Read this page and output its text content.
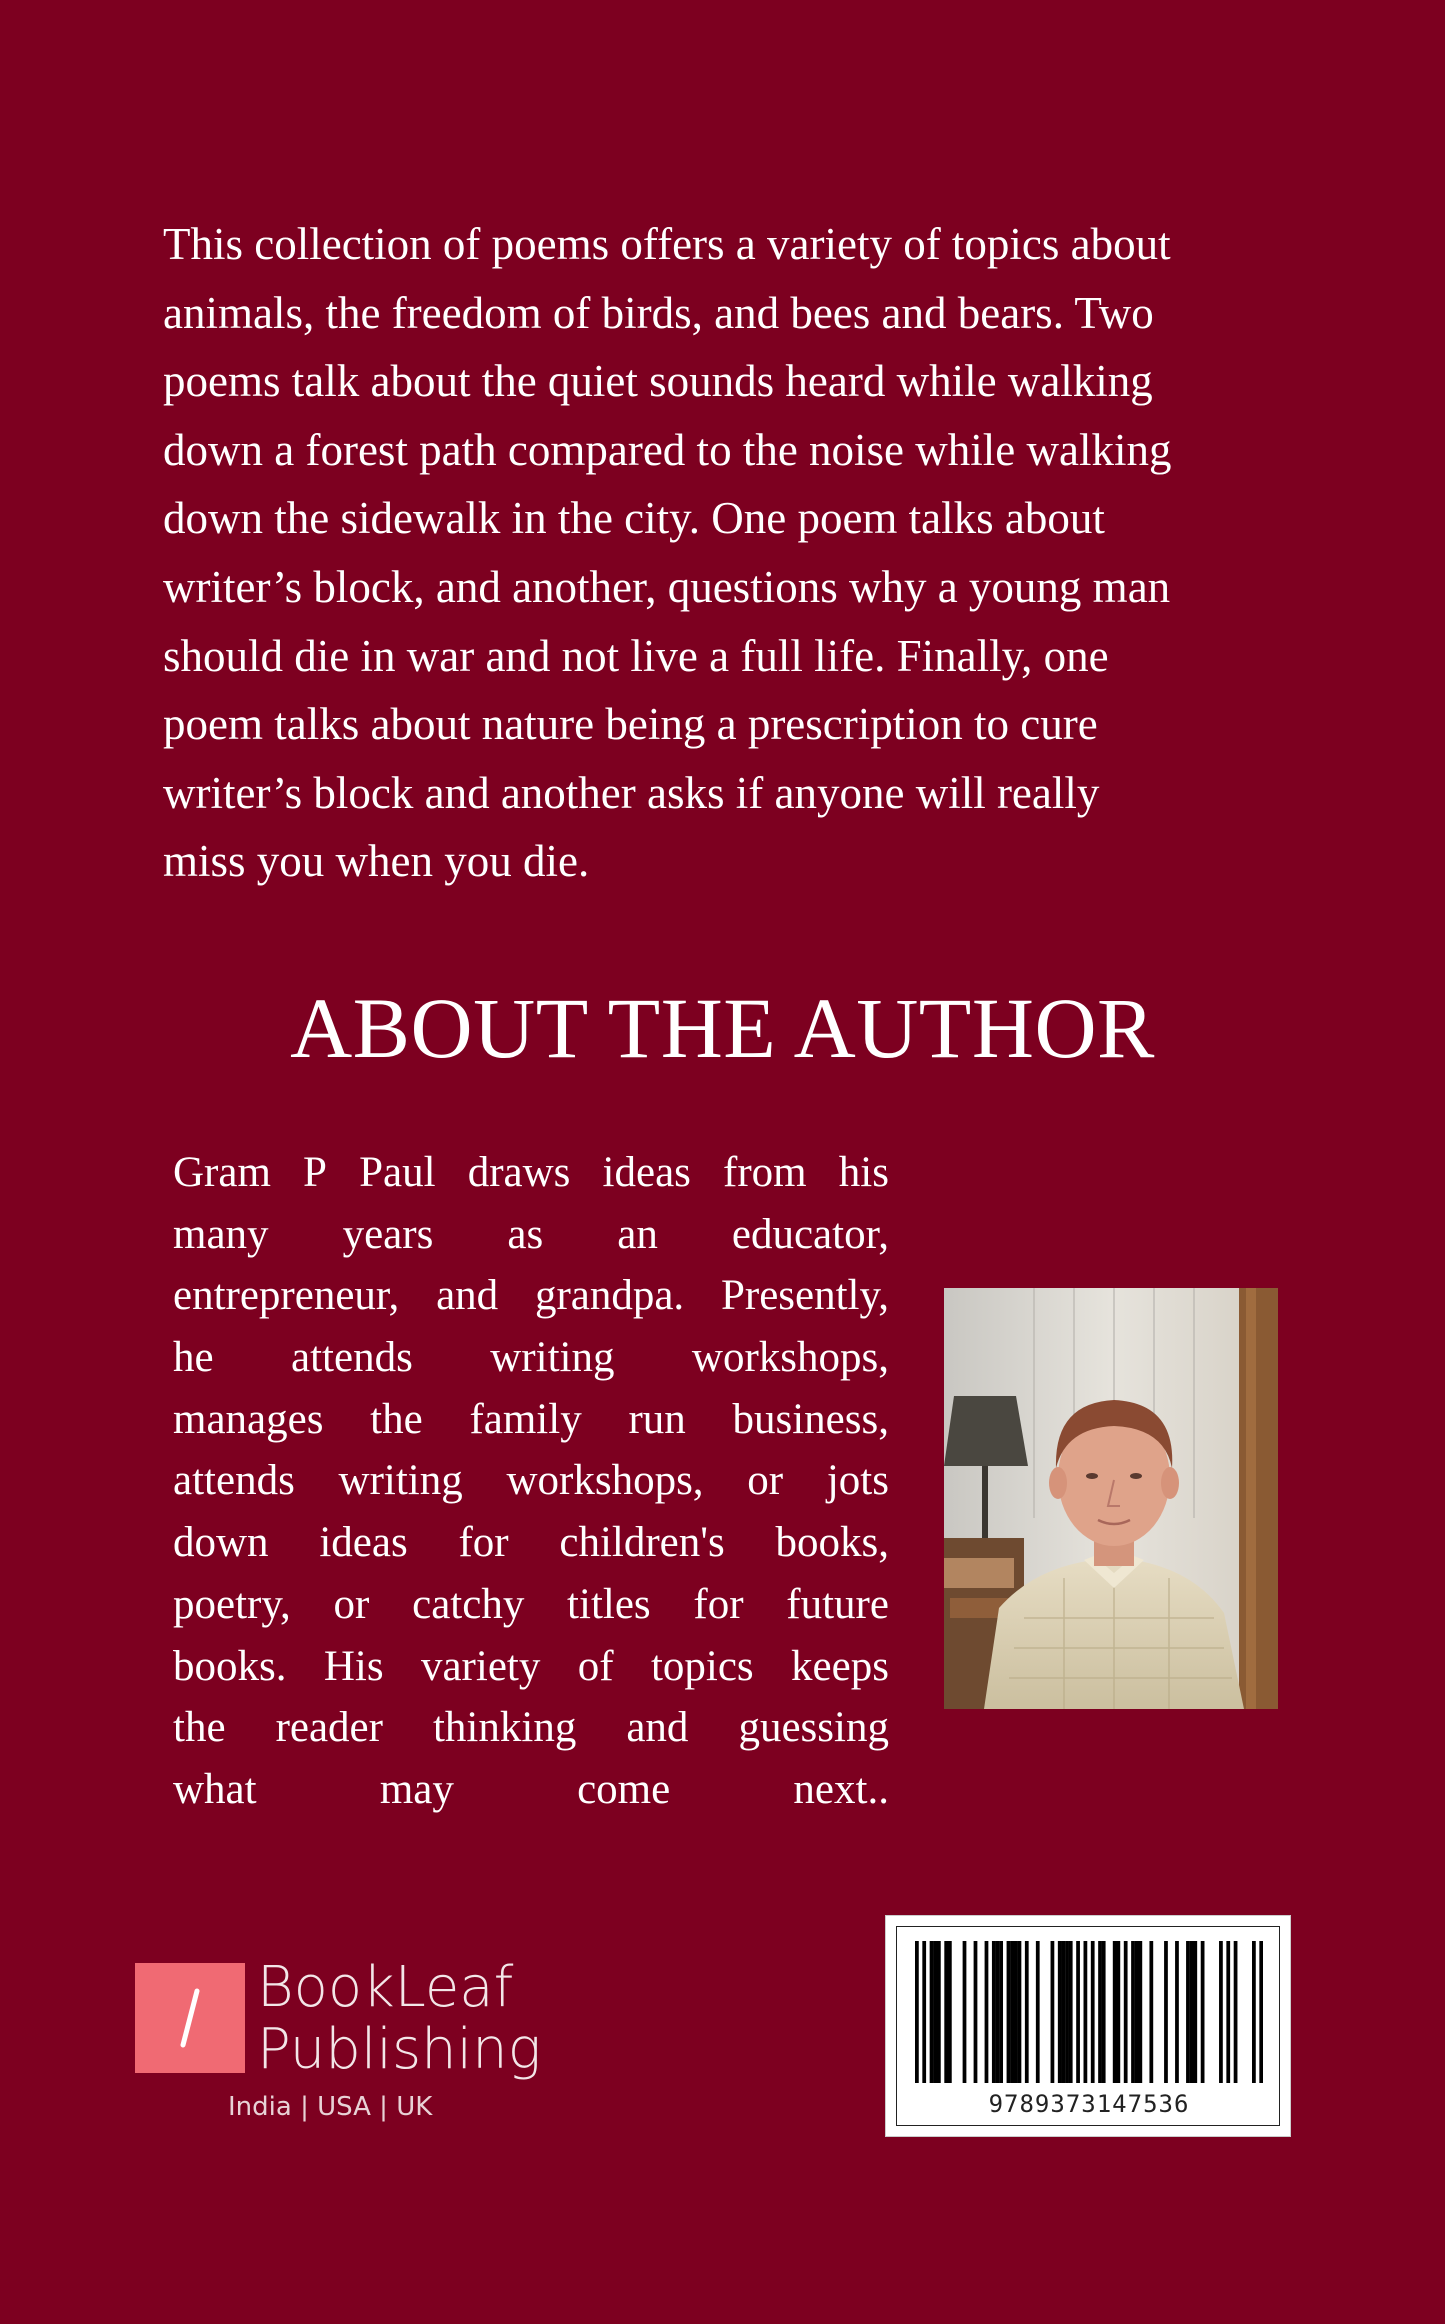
This collection of poems offers a variety of topics about
animals, the freedom of birds, and bees and bears. Two
poems talk about the quiet sounds heard while walking
down a forest path compared to the noise while walking
down the sidewalk in the city. One poem talks about
writer’s block, and another, questions why a young man
should die in war and not live a full life. Finally, one
poem talks about nature being a prescription to cure
writer’s block and another asks if anyone will really
miss you when you die.
ABOUT THE AUTHOR
Gram P Paul draws ideas from his
many years as an educator,
entrepreneur, and grandpa. Presently,
he attends writing workshops,
manages the family run business,
attends writing workshops, or jots
down ideas for children's books,
poetry, or catchy titles for future
books. His variety of topics keeps
the reader thinking and guessing
what	may	come	next..
BookLeaf
Publishing
India | USA | UK	9789373147536
